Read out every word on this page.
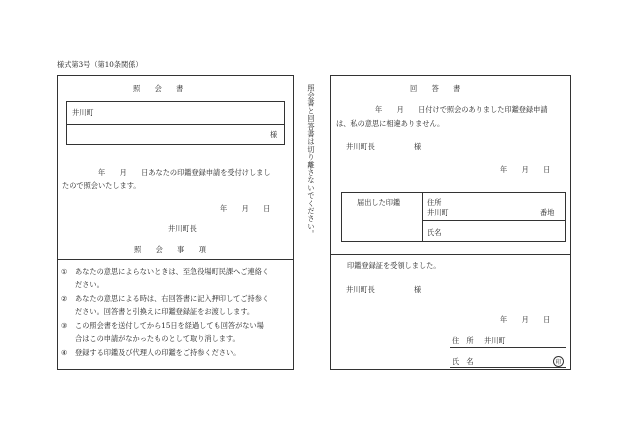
様式第3号（第10条関係）
照　　会　　書
井川町
様
年　　月　　日あなたの印鑑登録申請を受付けしまし
たので照会いたします。
年　　月　　日
井川町長
照　　会　　事　　項
① あなたの意思によらないときは、至急役場町民課へご連絡く
ださい。
② あなたの意思による時は、右回答書に記入押印してご持参く
ださい。回答書と引換えに印鑑登録証をお渡しします。
③ この照会書を送付してから15日を経過しても回答がない場
合はこの申請がなかったものとして取り消します。
④ 登録する印鑑及び代理人の印鑑をご持参ください。
照会書と回答書は切り離さないでください。	回　　答　　書
年　　月　　日付けで照会のありました印鑑登録申請
は、私の意思に相違ありません。
井川町長	様
年　　月　　日
届出した印鑑	住所
井川町	番地
氏名
印鑑登録証を受領しました。
井川町長	様
年　　月　　日
住　所 井川町
氏　名	印
